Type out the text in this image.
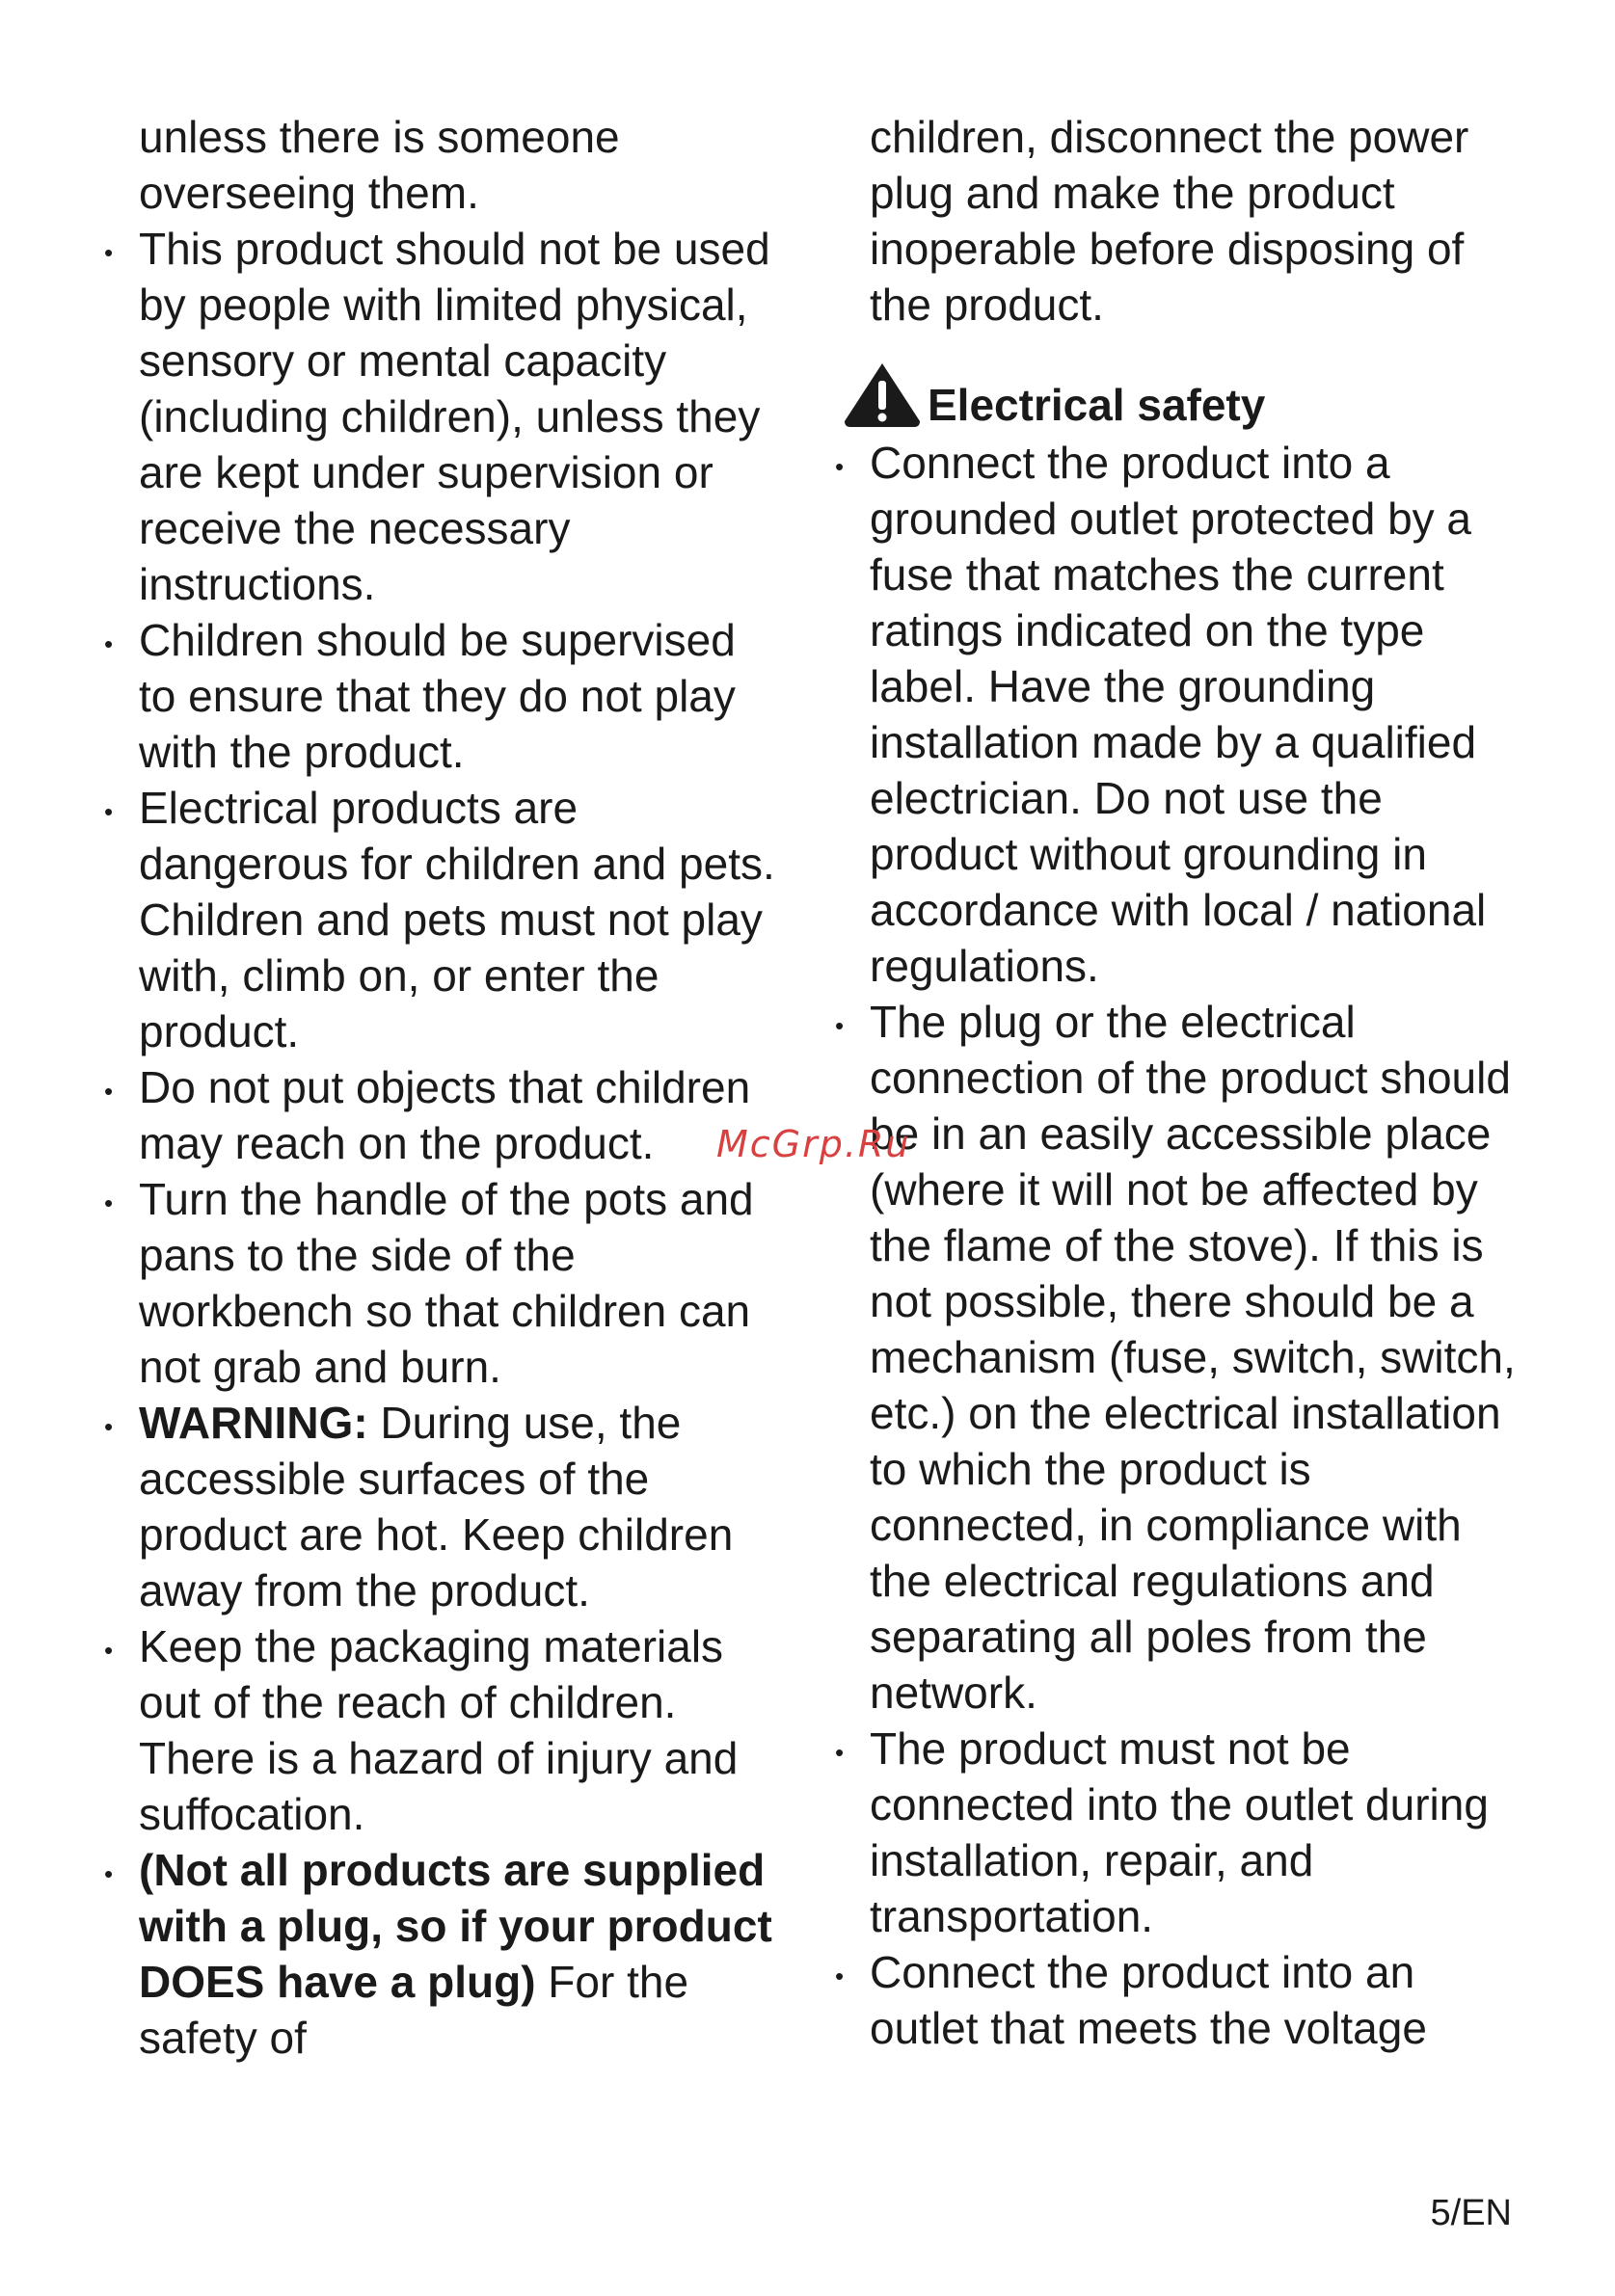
unless there is someone overseeing them.

• This product should not be used by people with limited physical, sensory or mental capacity (including children), unless they are kept under supervision or receive the necessary instructions.
• Children should be supervised to ensure that they do not play with the product.
• Electrical products are dangerous for children and pets. Children and pets must not play with, climb on, or enter the product.
• Do not put objects that children may reach on the product.
• Turn the handle of the pots and pans to the side of the workbench so that children can not grab and burn.
• WARNING: During use, the accessible surfaces of the product are hot. Keep children away from the product.
• Keep the packaging materials out of the reach of children. There is a hazard of injury and suffocation.
• (Not all products are supplied with a plug, so if your product DOES have a plug) For the safety of

children, disconnect the power plug and make the product inoperable before disposing of the product.

Electrical safety
• Connect the product into a grounded outlet protected by a fuse that matches the current ratings indicated on the type label. Have the grounding installation made by a qualified electrician. Do not use the product without grounding in accordance with local / national regulations.
• The plug or the electrical connection of the product should be in an easily accessible place (where it will not be affected by the flame of the stove). If this is not possible, there should be a mechanism (fuse, switch, switch, etc.) on the electrical installation to which the product is connected, in compliance with the electrical regulations and separating all poles from the network.
• The product must not be connected into the outlet during installation, repair, and transportation.
• Connect the product into an outlet that meets the voltage
McGrp.Ru
5/EN
